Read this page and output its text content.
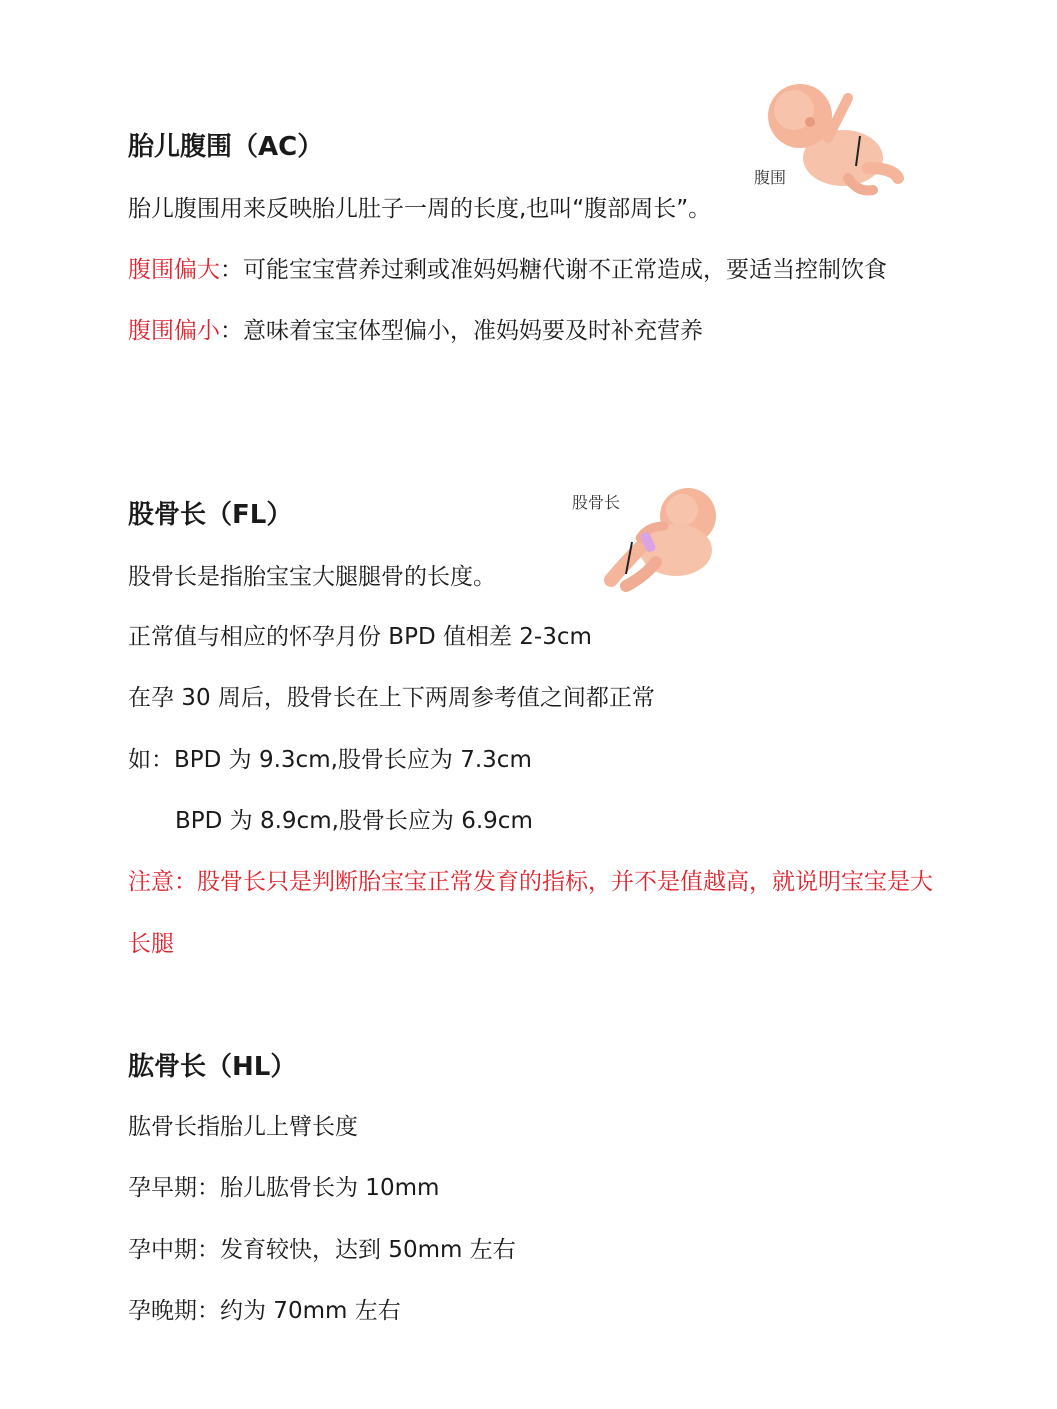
胎儿腹围（AC）
胎儿腹围用来反映胎儿肚子一周的长度,也叫“腹部周长”。
腹围偏大：可能宝宝营养过剩或准妈妈糖代谢不正常造成，要适当控制饮食
腹围偏小：意味着宝宝体型偏小，准妈妈要及时补充营养
腹围
股骨长（FL）
股骨长是指胎宝宝大腿腿骨的长度。
正常值与相应的怀孕月份 BPD 值相差 2-3cm
在孕 30 周后，股骨长在上下两周参考值之间都正常
如：BPD 为 9.3cm,股骨长应为 7.3cm
BPD 为 8.9cm,股骨长应为 6.9cm
注意：股骨长只是判断胎宝宝正常发育的指标，并不是值越高，就说明宝宝是大
长腿
股骨长
肱骨长（HL）
肱骨长指胎儿上臂长度
孕早期：胎儿肱骨长为 10mm
孕中期：发育较快，达到 50mm 左右
孕晚期：约为 70mm 左右
